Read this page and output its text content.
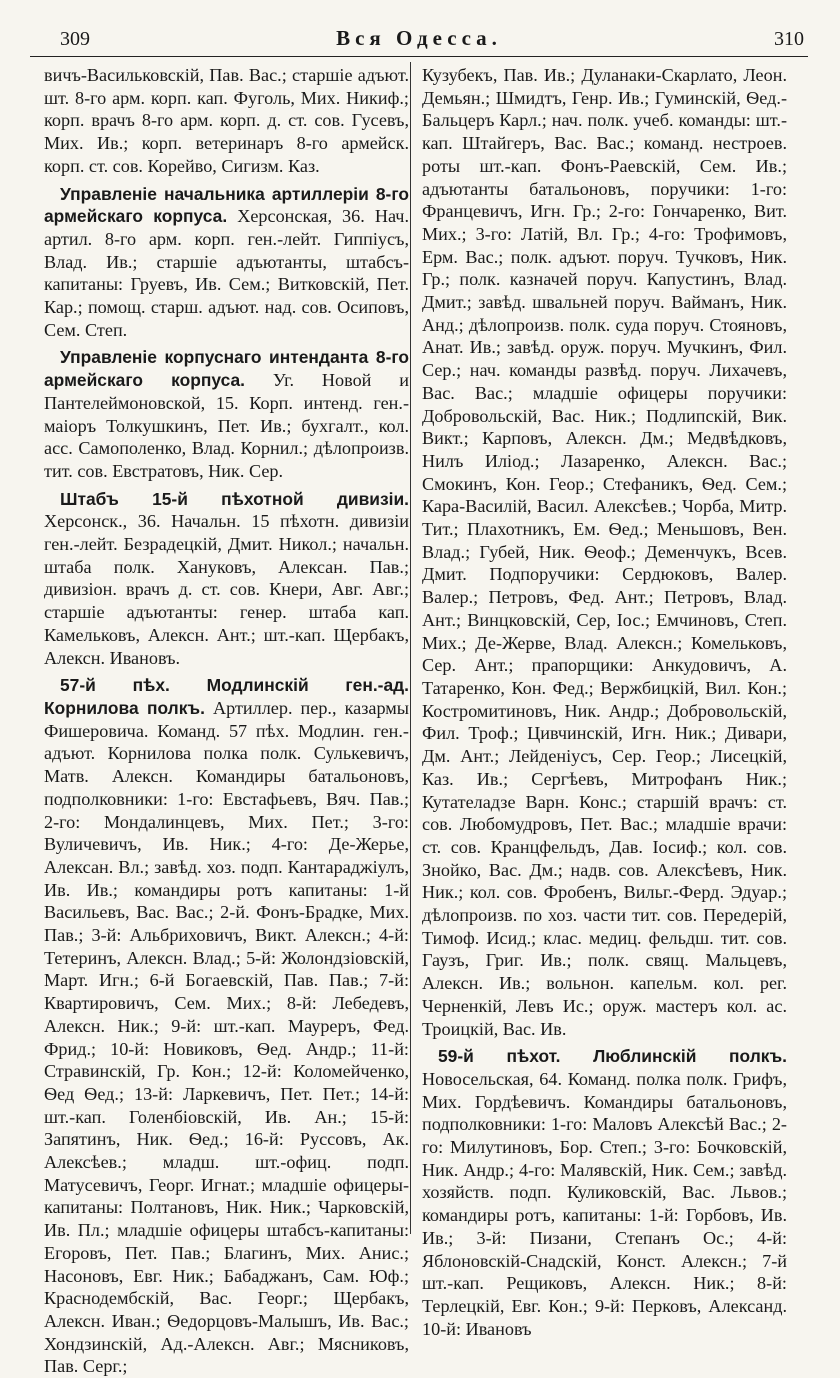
309	Вся Одесса.	310

вичъ-Васильковскій, Пав. Вас.; старшіе адъют. шт. 8-го арм. корп. кап. Фуголь, Мих. Никиф.; корп. врачъ 8-го арм. корп. д. ст. сов. Гусевъ, Мих. Ив.; корп. ветеринаръ 8-го армейск. корп. ст. сов. Корейво, Сигизм. Каз.

Управленіе начальника артиллеріи 8-го армейскаго корпуса. Херсонская, 36. Нач. артил. 8-го арм. корп. ген.-лейт. Гиппіусъ, Влад. Ив.; старшіе адъютанты, штабсъ-капитаны: Груевъ, Ив. Сем.; Витковскій, Пет. Кар.; помощ. старш. адъют. над. сов. Осиповъ, Сем. Степ.

Управленіе корпуснаго интенданта 8-го армейскаго корпуса. Уг. Новой и Пантелеймоновской, 15. Корп. интенд. ген.-маіоръ Толкушкинъ, Пет. Ив.; бухгалт., кол. асс. Самополенко, Влад. Корнил.; дѣлопроизв. тит. сов. Евстратовъ, Ник. Сер.

Штабъ 15-й пѣхотной дивизіи. Херсонск., 36. Начальн. 15 пѣхотн. дивизіи ген.-лейт. Безрадецкій, Дмит. Никол.; начальн. штаба полк. Хануковъ, Алексан. Пав.; дивизіон. врачъ д. ст. сов. Кнери, Авг. Авг.; старшіе адъютанты: генер. штаба кап. Камельковъ, Алексн. Ант.; шт.-кап. Щербакъ, Алексн. Ивановъ.

57-й пѣх. Модлинскій ген.-ад. Корнилова полкъ. Артиллер. пер., казармы Фишеровича. Команд. 57 пѣх. Модлин. ген.-адъют. Корнилова полка полк. Сулькевичъ, Матв. Алексн. Командиры батальоновъ, подполковники: 1-го: Евстафьевъ, Вяч. Пав.; 2-го: Мондалинцевъ, Мих. Пет.; 3-го: Вуличевичъ, Ив. Ник.; 4-го: Де-Жерье, Алексан. Вл.; завѣд. хоз. подп. Кантараджіулъ, Ив. Ив.; командиры ротъ капитаны: 1-й Васильевъ, Вас. Вас.; 2-й. Фонъ-Брадке, Мих. Пав.; 3-й: Альбриховичъ, Викт. Алексн.; 4-й: Тетеринъ, Алексн. Влад.; 5-й: Жолондзіовскій, Март. Игн.; 6-й Богаевскій, Пав. Пав.; 7-й: Квартировичъ, Сем. Мих.; 8-й: Лебедевъ, Алексн. Ник.; 9-й: шт.-кап. Мауреръ, Фед. Фрид.; 10-й: Новиковъ, Ѳед. Андр.; 11-й: Стравинскій, Гр. Кон.; 12-й: Коломейченко, Ѳед Ѳед.; 13-й: Ларкевичъ, Пет. Пет.; 14-й: шт.-кап. Голенбіовскій, Ив. Ан.; 15-й: Запятинъ, Ник. Ѳед.; 16-й: Руссовъ, Ак. Алексѣев.; младш. шт.-офиц. подп. Матусевичъ, Георг. Игнат.; младшіе офицеры-капитаны: Полтановъ, Ник. Ник.; Чарковскій, Ив. Пл.; младшіе офицеры штабсъ-капитаны: Егоровъ, Пет. Пав.; Благинъ, Мих. Анис.; Насоновъ, Евг. Ник.; Бабаджанъ, Сам. Юф.; Краснодембскій, Вас. Георг.; Щербакъ, Алексн. Иван.; Ѳедорцовъ-Малышъ, Ив. Вас.; Хондзинскій, Ад.-Алексн. Авг.; Мясниковъ, Пав. Серг.;

Кузубекъ, Пав. Ив.; Дуланаки-Скарлато, Леон. Демьян.; Шмидтъ, Генр. Ив.; Гуминскій, Ѳед.-Бальцеръ Карл.; нач. полк. учеб. команды: шт.-кап. Штайгеръ, Вас. Вас.; команд. нестроев. роты шт.-кап. Фонъ-Раевскій, Сем. Ив.; адъютанты батальоновъ, поручики: 1-го: Францевичъ, Игн. Гр.; 2-го: Гончаренко, Вит. Мих.; 3-го: Латій, Вл. Гр.; 4-го: Трофимовъ, Ерм. Вас.; полк. адъют. поруч. Тучковъ, Ник. Гр.; полк. казначей поруч. Капустинъ, Влад. Дмит.; завѣд. швальней поруч. Вайманъ, Ник. Анд.; дѣлопроизв. полк. суда поруч. Стояновъ, Анат. Ив.; завѣд. оруж. поруч. Мучкинъ, Фил. Сер.; нач. команды развѣд. поруч. Лихачевъ, Вас. Вас.; младшіе офицеры поручики: Добровольскій, Вас. Ник.; Подлипскій, Вик. Викт.; Карповъ, Алексн. Дм.; Медвѣдковъ, Нилъ Иліод.; Лазаренко, Алексн. Вас.; Смокинъ, Кон. Геор.; Стефаникъ, Ѳед. Сем.; Кара-Василій, Васил. Алексѣев.; Чорба, Митр. Тит.; Плахотникъ, Ем. Ѳед.; Меньшовъ, Вен. Влад.; Губей, Ник. Ѳеоф.; Деменчукъ, Всев. Дмит. Подпоручики: Сердюковъ, Валер. Валер.; Петровъ, Фед. Ант.; Петровъ, Влад. Ант.; Винцковскій, Сер, Іос.; Емчиновъ, Степ. Мих.; Де-Жерве, Влад. Алексн.; Комельковъ, Сер. Ант.; прапорщики: Анкудовичъ, А. Татаренко, Кон. Фед.; Вержбицкій, Вил. Кон.; Костромитиновъ, Ник. Андр.; Добровольскій, Фил. Троф.; Цивчинскій, Игн. Ник.; Дивари, Дм. Ант.; Лейденіусъ, Сер. Геор.; Лисецкій, Каз. Ив.; Сергѣевъ, Митрофанъ Ник.; Кутателадзе Варн. Конс.; старшій врачъ: ст. сов. Любомудровъ, Пет. Вас.; младшіе врачи: ст. сов. Кранцфельдъ, Дав. Іосиф.; кол. сов. Знойко, Вас. Дм.; надв. сов. Алексѣевъ, Ник. Ник.; кол. сов. Фробенъ, Вильг.-Ферд. Эдуар.; дѣлопроизв. по хоз. части тит. сов. Передерій, Тимоф. Исид.; клас. медиц. фельдш. тит. сов. Гаузъ, Григ. Ив.; полк. свящ. Мальцевъ, Алексн. Ив.; вольнон. капельм. кол. рег. Черненкій, Левъ Ис.; оруж. мастеръ кол. ас. Троицкій, Вас. Ив.

59-й пѣхот. Люблинскій полкъ. Новосельская, 64. Команд. полка полк. Грифъ, Мих. Гордѣевичъ. Командиры батальоновъ, подполковники: 1-го: Маловъ Алексѣй Вас.; 2-го: Милутиновъ, Бор. Степ.; 3-го: Бочковскій, Ник. Андр.; 4-го: Малявскій, Ник. Сем.; завѣд. хозяйств. подп. Куликовскій, Вас. Львов.; командиры ротъ, капитаны: 1-й: Горбовъ, Ив. Ив.; 3-й: Пизани, Степанъ Ос.; 4-й: Яблоновскій-Снадскій, Конст. Алексн.; 7-й шт.-кап. Рещиковъ, Алексн. Ник.; 8-й: Терлецкій, Евг. Кон.; 9-й: Перковъ, Александ. 10-й: Ивановъ
